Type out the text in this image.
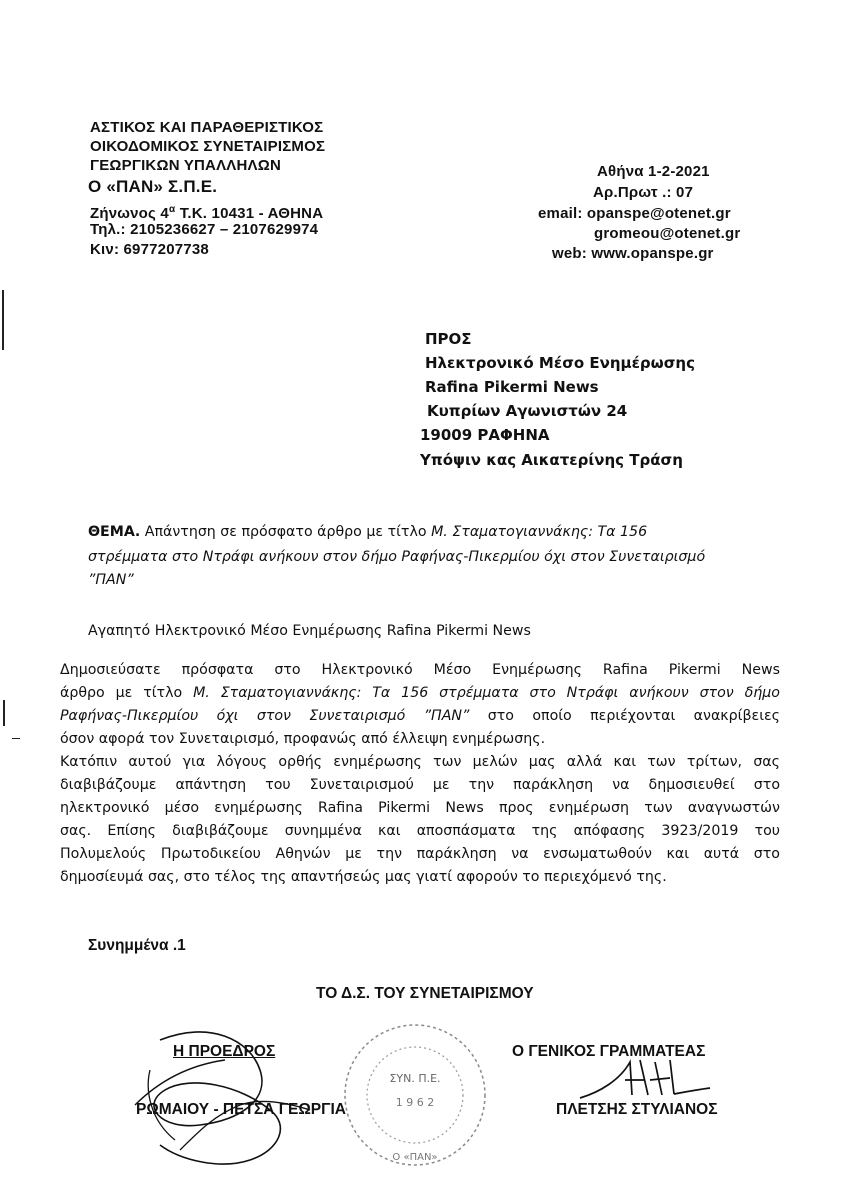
ΑΣΤΙΚΟΣ ΚΑΙ ΠΑΡΑΘΕΡΙΣΤΙΚΟΣ
ΟΙΚΟΔΟΜΙΚΟΣ ΣΥΝΕΤΑΙΡΙΣΜΟΣ
ΓΕΩΡΓΙΚΩΝ ΥΠΑΛΛΗΛΩΝ
Ο «ΠΑΝ» Σ.Π.Ε.
Ζήνωνος $4^\alpha$ Τ.Κ. 10431 - ΑΘΗΝΑ
Τηλ.: 2105236627 – 2107629974
Κιν: 6977207738
Αθήνα 1-2-2021
Αρ.Πρωτ .: 07
email: opanspe@otenet.gr
gromeou@otenet.gr
web: www.opanspe.gr
ΠΡΟΣ
Ηλεκτρονικό Μέσο Ενημέρωσης
Rafina Pikermi News
Κυπρίων Αγωνιστών 24
19009 ΡΑΦΗΝΑ
Υπόψιν κας Αικατερίνης Τράση
ΘΕΜΑ. Απάντηση σε πρόσφατο άρθρο με τίτλο Μ. Σταματογιαννάκης: Τα 156
στρέμματα στο Ντράφι ανήκουν στον δήμο Ραφήνας-Πικερμίου όχι στον Συνεταιρισμό
”ΠΑΝ”
Αγαπητό Ηλεκτρονικό Μέσο Ενημέρωσης Rafina Pikermi News
Δημοσιεύσατε πρόσφατα στο Ηλεκτρονικό Μέσο Ενημέρωσης Rafina Pikermi News
άρθρο με τίτλο Μ. Σταματογιαννάκης: Τα 156 στρέμματα στο Ντράφι ανήκουν στον δήμο
Ραφήνας-Πικερμίου όχι στον Συνεταιρισμό ”ΠΑΝ” στο οποίο περιέχονται ανακρίβειες
όσον αφορά τον Συνεταιρισμό, προφανώς από έλλειψη ενημέρωσης.
Κατόπιν αυτού για λόγους ορθής ενημέρωσης των μελών μας αλλά και των τρίτων, σας
διαβιβάζουμε απάντηση του Συνεταιρισμού με την παράκληση να δημοσιευθεί στο
ηλεκτρονικό μέσο ενημέρωσης Rafina Pikermi News προς ενημέρωση των αναγνωστών
σας. Επίσης διαβιβάζουμε συνημμένα και αποσπάσματα της απόφασης 3923/2019 του
Πολυμελούς Πρωτοδικείου Αθηνών με την παράκληση να ενσωματωθούν και αυτά στο
δημοσίευμά σας, στο τέλος της απαντήσεώς μας γιατί αφορούν το περιεχόμενό της.
Συνημμένα .1
ΤΟ Δ.Σ. ΤΟΥ ΣΥΝΕΤΑΙΡΙΣΜΟΥ
Η ΠΡΟΕΔΡΟΣ
ΡΩΜΑΙΟΥ - ΠΕΤΣΑ ΓΕΩΡΓΙΑ
Ο ΓΕΝΙΚΟΣ ΓΡΑΜΜΑΤΕΑΣ
ΠΛΕΤΣΗΣ ΣΤΥΛΙΑΝΟΣ
ΣΥΝ. Π.Ε.
1 9 6 2
Ο «ΠΑΝ»
